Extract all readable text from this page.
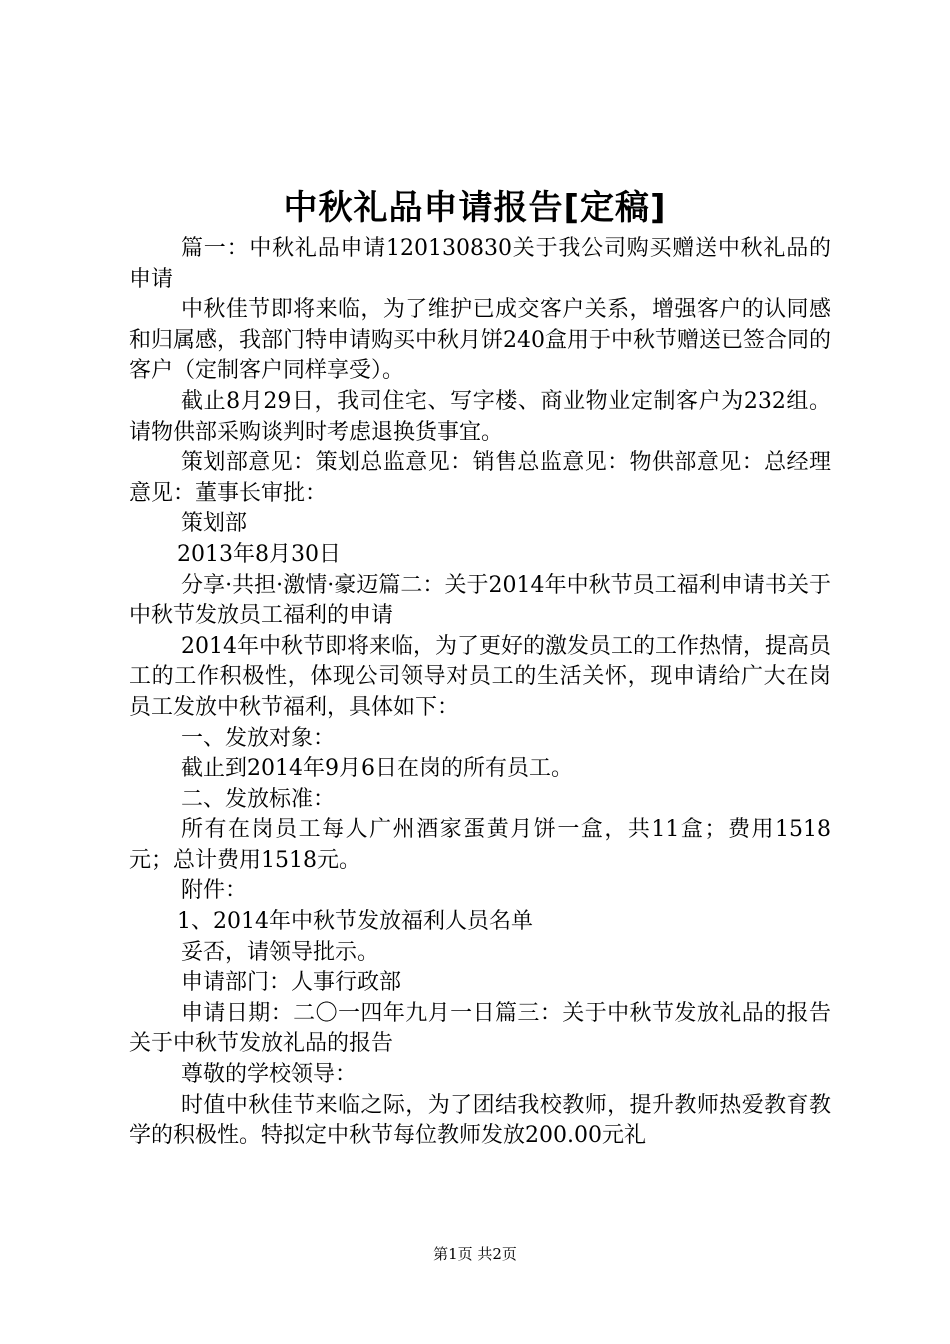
中秋礼品申请报告[定稿]

篇一：中秋礼品申请120130830关于我公司购买赠送中秋礼品的申请

中秋佳节即将来临，为了维护已成交客户关系，增强客户的认同感和归属感，我部门特申请购买中秋月饼240盒用于中秋节赠送已签合同的客户（定制客户同样享受）。

截止8月29日，我司住宅、写字楼、商业物业定制客户为232组。请物供部采购谈判时考虑退换货事宜。

策划部意见：策划总监意见：销售总监意见：物供部意见：总经理意见：董事长审批：

策划部

2013年8月30日

分享·共担·激情·豪迈篇二：关于2014年中秋节员工福利申请书关于中秋节发放员工福利的申请

2014年中秋节即将来临，为了更好的激发员工的工作热情，提高员工的工作积极性，体现公司领导对员工的生活关怀，现申请给广大在岗员工发放中秋节福利，具体如下：

一、发放对象：

截止到2014年9月6日在岗的所有员工。

二、发放标准：

所有在岗员工每人广州酒家蛋黄月饼一盒，共11盒；费用1518元；总计费用1518元。

附件：

1、2014年中秋节发放福利人员名单

妥否，请领导批示。

申请部门：人事行政部

申请日期：二〇一四年九月一日篇三：关于中秋节发放礼品的报告关于中秋节发放礼品的报告

尊敬的学校领导：

时值中秋佳节来临之际，为了团结我校教师，提升教师热爱教育教学的积极性。特拟定中秋节每位教师发放200.00元礼

第1页 共2页
